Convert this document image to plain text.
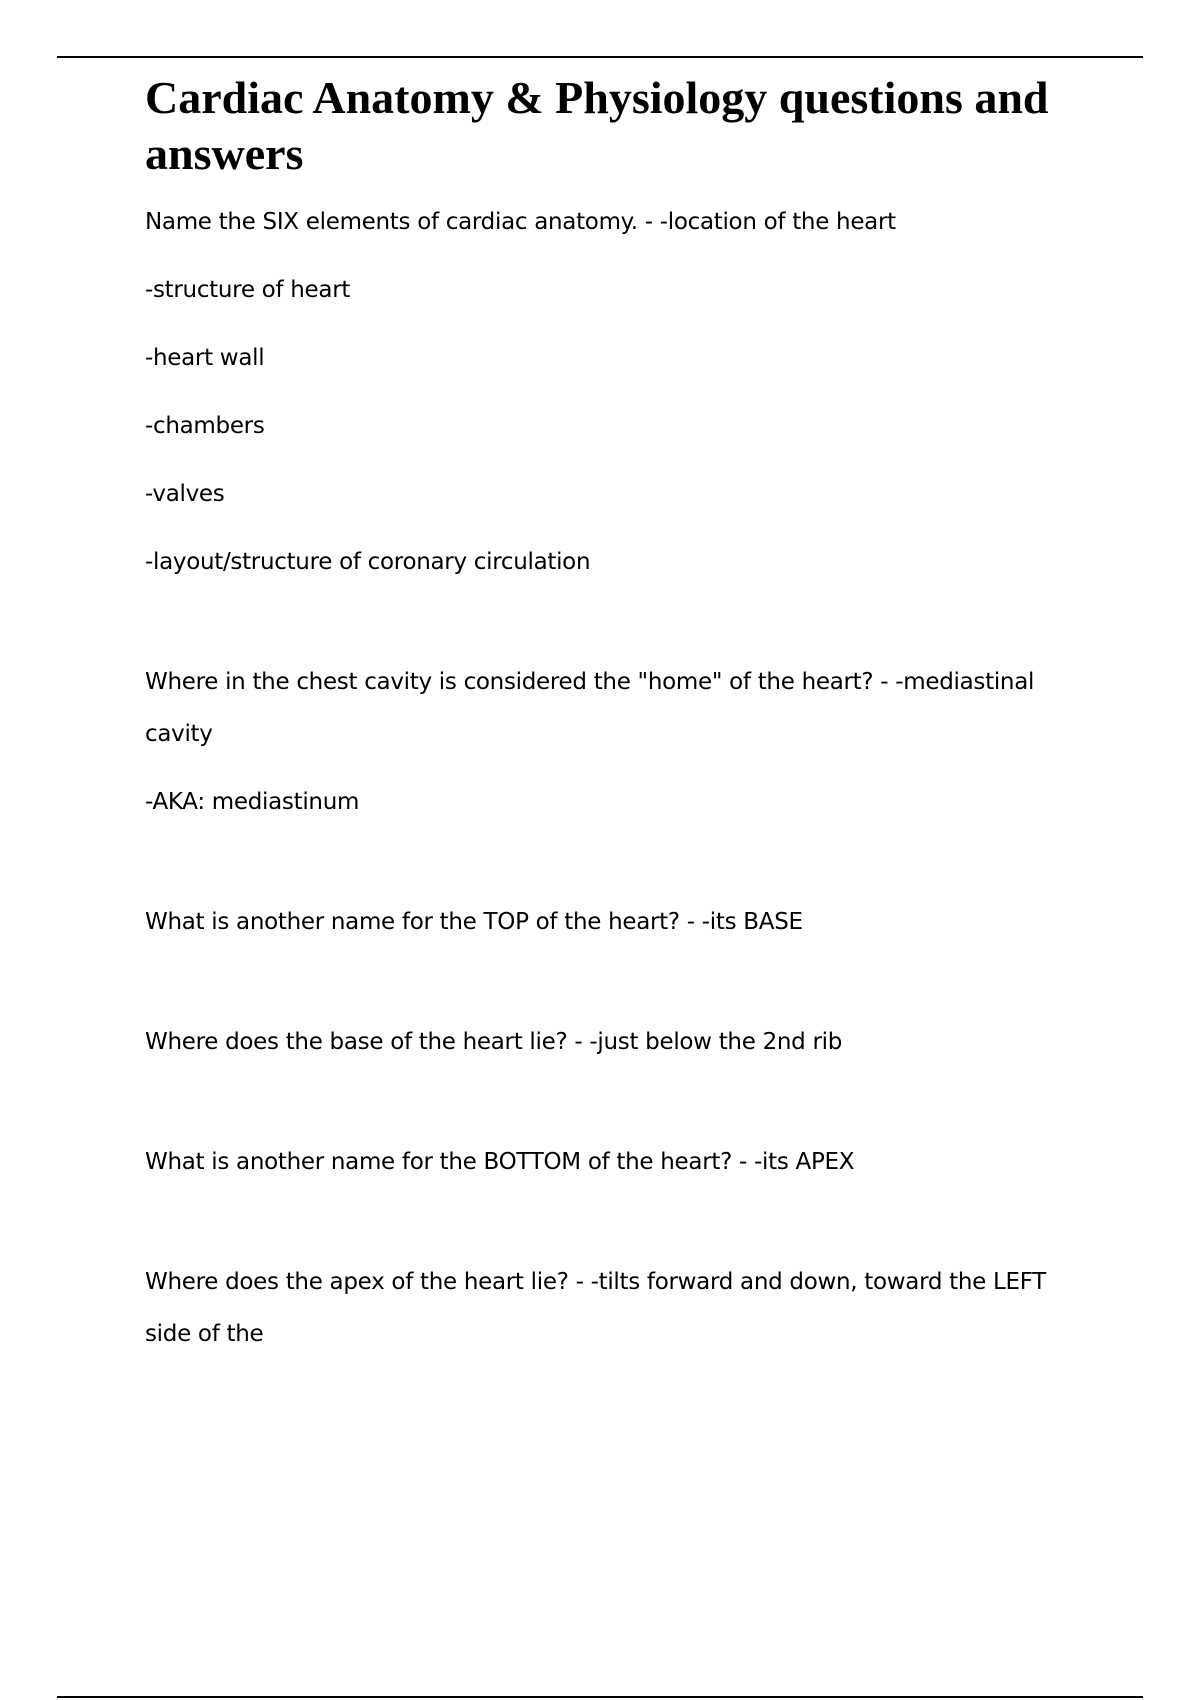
Cardiac Anatomy & Physiology questions and answers

Name the SIX elements of cardiac anatomy. - -location of the heart

-structure of heart

-heart wall

-chambers

-valves

-layout/structure of coronary circulation

Where in the chest cavity is considered the "home" of the heart? - -mediastinal cavity

-AKA: mediastinum

What is another name for the TOP of the heart? - -its BASE

Where does the base of the heart lie? - -just below the 2nd rib

What is another name for the BOTTOM of the heart? - -its APEX

Where does the apex of the heart lie? - -tilts forward and down, toward the LEFT side of the
